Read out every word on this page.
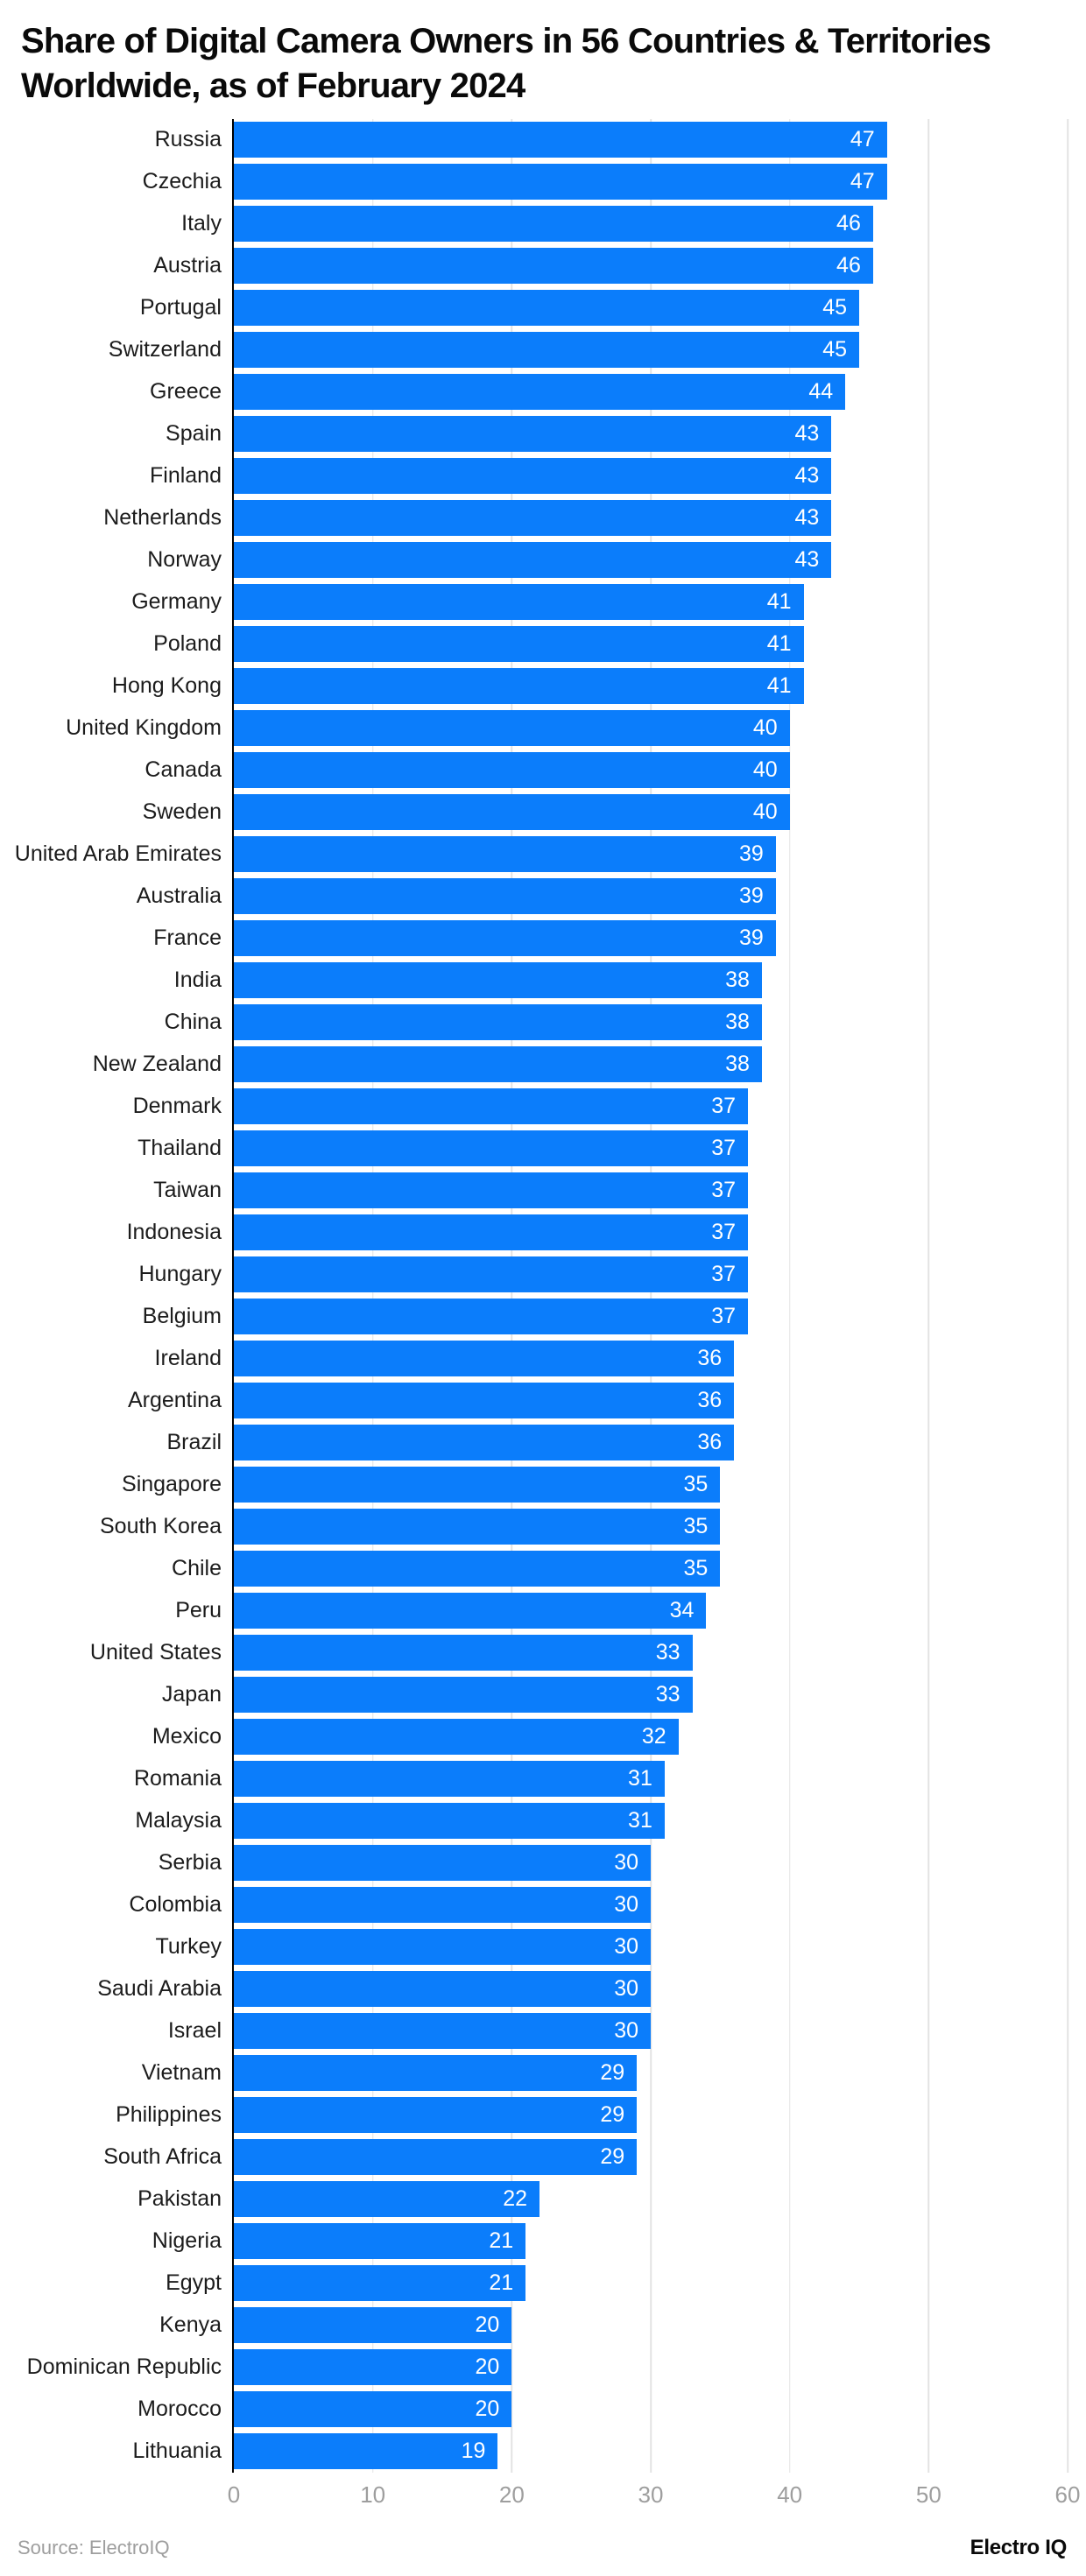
Share of Digital Camera Owners in 56 Countries & Territories
Worldwide, as of February 2024
Russia	47
Czechia	47
Italy	46
Austria	46
Portugal	45
Switzerland	45
Greece	44
Spain	43
Finland	43
Netherlands	43
Norway	43
Germany	41
Poland	41
Hong Kong	41
United Kingdom	40
Canada	40
Sweden	40
United Arab Emirates	39
Australia	39
France	39
India	38
China	38
New Zealand	38
Denmark	37
Thailand	37
Taiwan	37
Indonesia	37
Hungary	37
Belgium	37
Ireland	36
Argentina	36
Brazil	36
Singapore	35
South Korea	35
Chile	35
Peru	34
United States	33
Japan	33
Mexico	32
Romania	31
Malaysia	31
Serbia	30
Colombia	30
Turkey	30
Saudi Arabia	30
Israel	30
Vietnam	29
Philippines	29
South Africa	29
Pakistan	22
Nigeria	21
Egypt	21
Kenya	20
Dominican Republic	20
Morocco	20
Lithuania	19
0	10	20	30	40	50	60
Source: ElectroIQ	Electro IQ
